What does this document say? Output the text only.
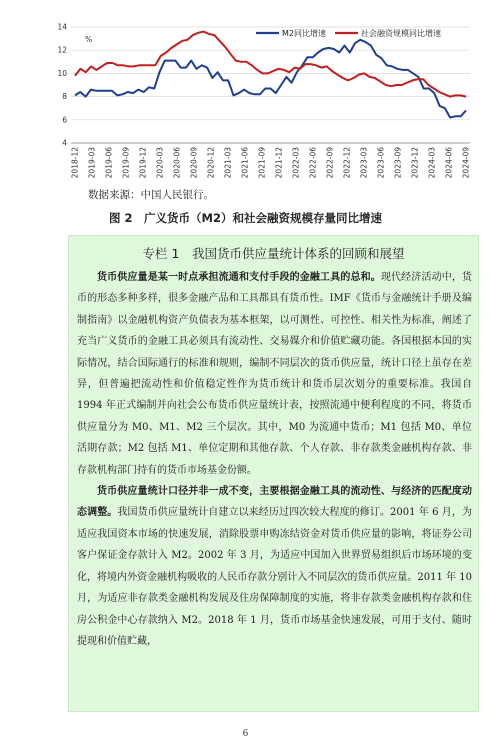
4
6
8
10
12
14
2018-12 2019-03 2019-06 2019-09 2019-12 2020-03 2020-06 2020-09 2020-12 2021-03 2021-06 2021-09 2021-12 2022-03 2022-06 2022-09 2022-12 2023-03 2023-06 2023-09 2023-12 2024-03 2024-06 2024-09
%
M2同比增速	社会融资规模同比增速
数据来源：中国人民银行。
图 2　广义货币（M2）和社会融资规模存量同比增速
专栏 1　我国货币供应量统计体系的回顾和展望

货币供应量是某一时点承担流通和支付手段的金融工具的总和。现代经济活动中，货币的形态多种多样，很多金融产品和工具都具有货币性。IMF《货币与金融统计手册及编制指南》以金融机构资产负债表为基本框架，以可测性、可控性、相关性为标准，阐述了充当广义货币的金融工具必须具有流动性、交易媒介和价值贮藏功能。各国根据本国的实际情况，结合国际通行的标准和规则，编制不同层次的货币供应量，统计口径上虽存在差异，但普遍把流动性和价值稳定性作为货币统计和货币层次划分的重要标准。我国自 1994 年正式编制并向社会公布货币供应量统计表，按照流通中便利程度的不同，将货币供应量分为 M0、M1、M2 三个层次。其中，M0 为流通中货币；M1 包括 M0、单位活期存款；M2 包括 M1、单位定期和其他存款、个人存款、非存款类金融机构存款、非存款机构部门持有的货币市场基金份额。

货币供应量统计口径并非一成不变，主要根据金融工具的流动性、与经济的匹配度动态调整。我国货币供应量统计自建立以来经历过四次较大程度的修订。2001 年 6 月，为适应我国资本市场的快速发展，消除股票申购冻结资金对货币供应量的影响，将证券公司客户保证金存款计入 M2。2002 年 3 月，为适应中国加入世界贸易组织后市场环境的变化，将境内外资金融机构吸收的人民币存款分别计入不同层次的货币供应量。2011 年 10 月，为适应非存款类金融机构发展及住房保障制度的实施，将非存款类金融机构存款和住房公积金中心存款纳入 M2。2018 年 1 月，货币市场基金快速发展，可用于支付、随时提现和价值贮藏，

6
